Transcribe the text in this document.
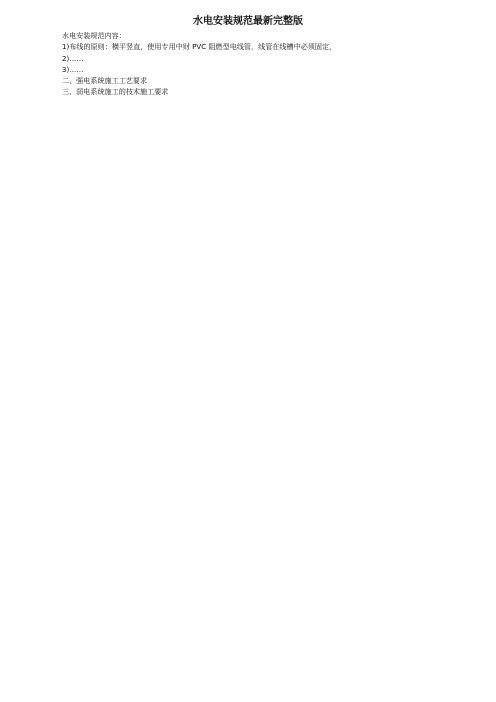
水电安装规范最新完整版
水电安装规范内容：
1)布线的原则：横平竖直，使用专用中财 PVC 阻燃型电线管，线管在线槽中必须固定，
2)……
3)……
二、强电系统施工工艺要求
三、弱电系统施工的技术施工要求
